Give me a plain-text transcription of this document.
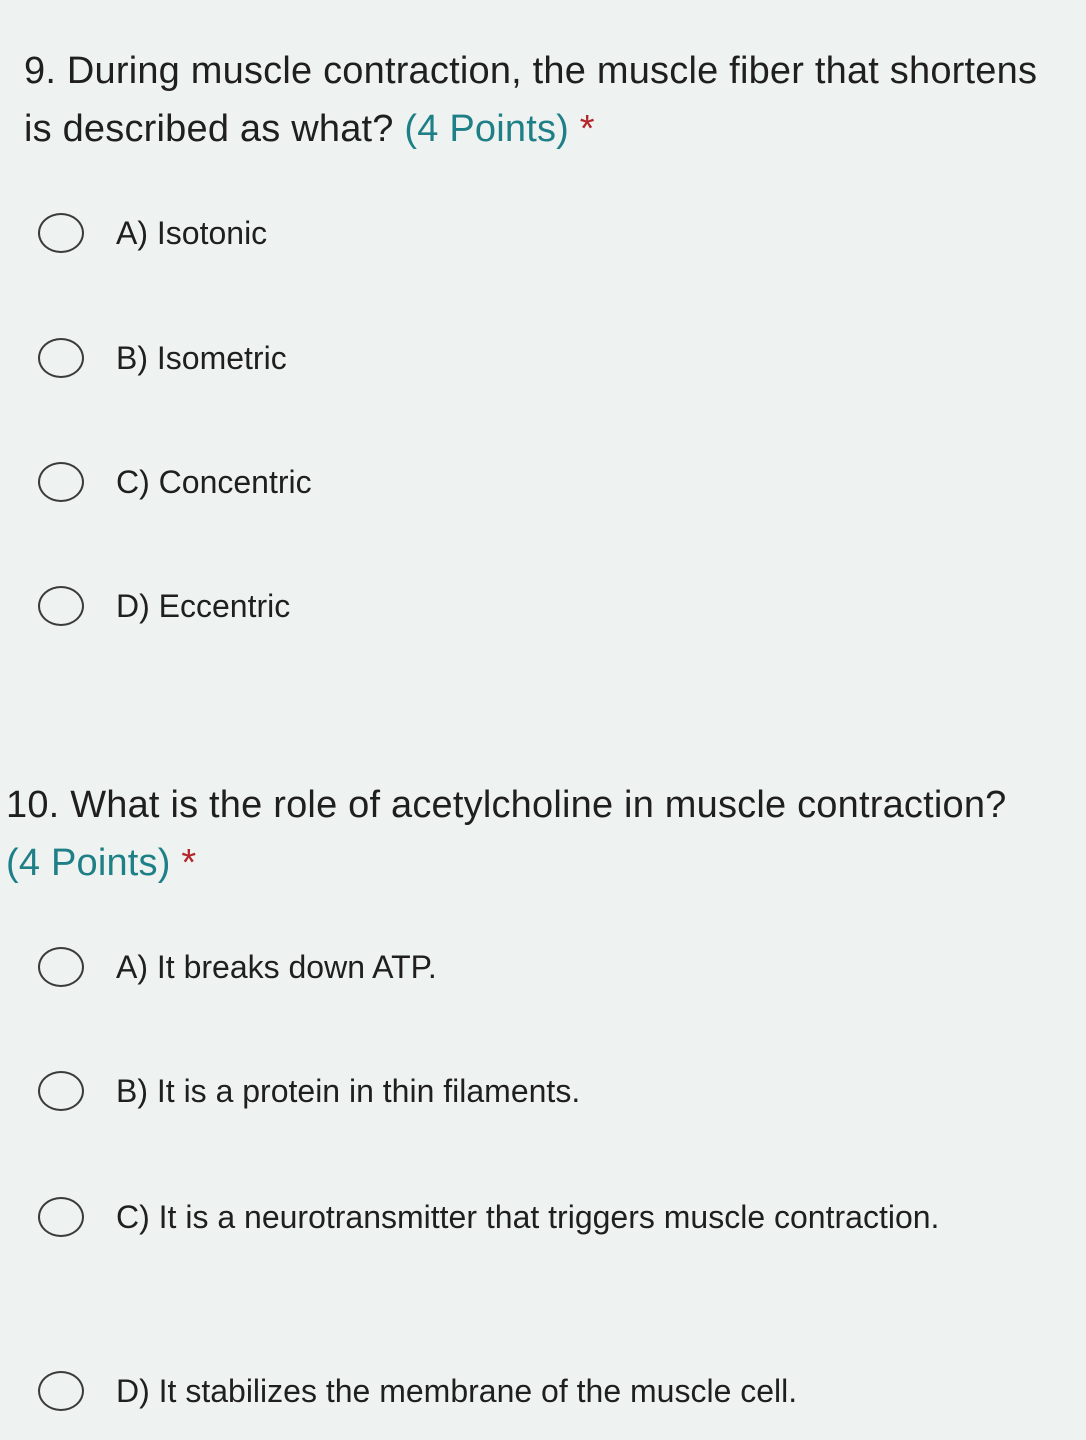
9. During muscle contraction, the muscle fiber that shortens is described as what? (4 Points) *
A) Isotonic
B) Isometric
C) Concentric
D) Eccentric
10. What is the role of acetylcholine in muscle contraction? (4 Points) *
A) It breaks down ATP.
B) It is a protein in thin filaments.
C) It is a neurotransmitter that triggers muscle contraction.
D) It stabilizes the membrane of the muscle cell.
